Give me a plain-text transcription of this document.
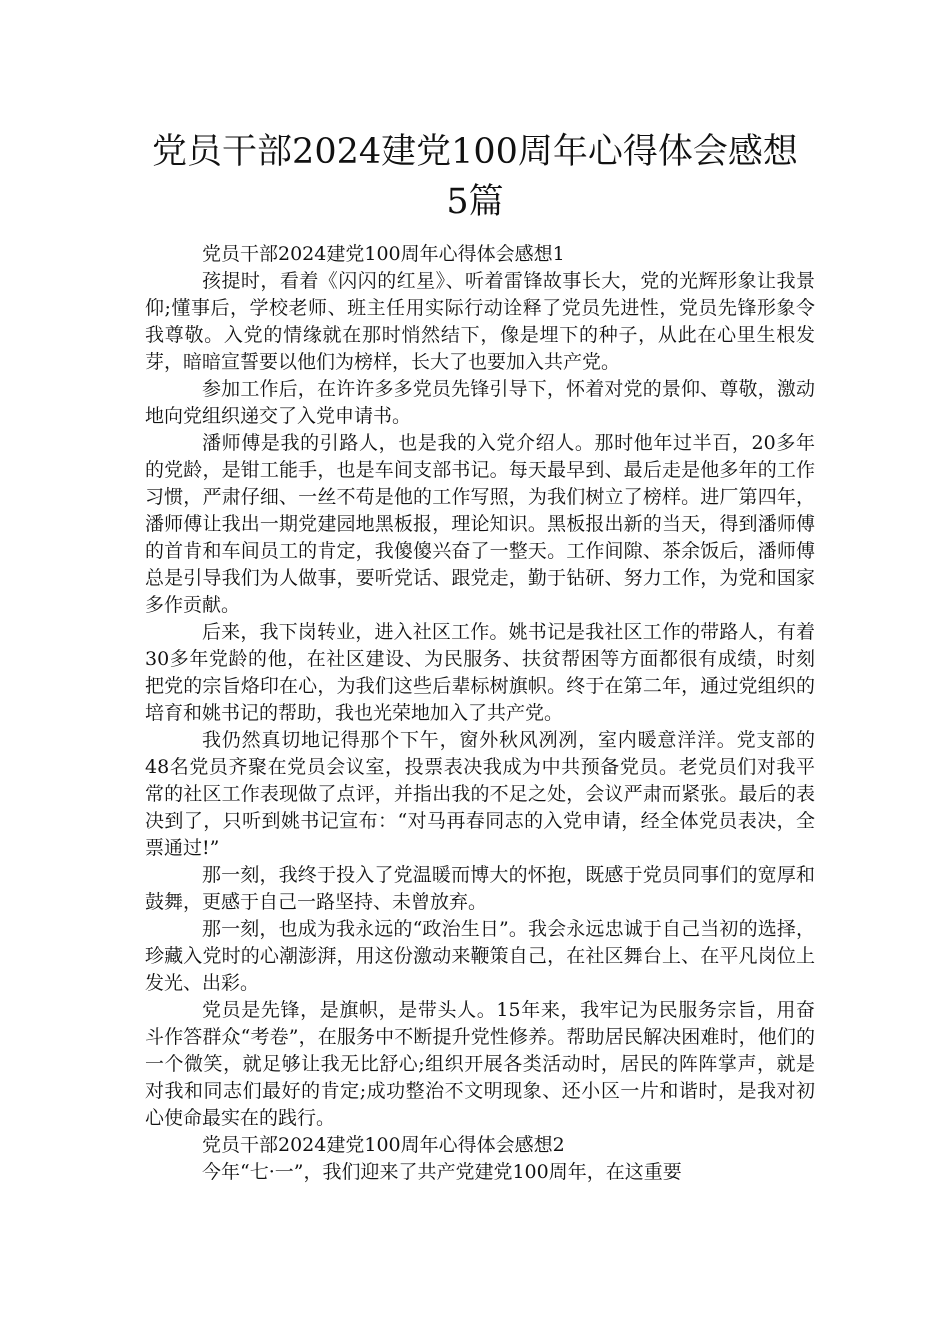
党员干部2024建党100周年心得体会感想
5篇

党员干部2024建党100周年心得体会感想1

孩提时，看着《闪闪的红星》、听着雷锋故事长大，党的光辉形象让我景仰;懂事后，学校老师、班主任用实际行动诠释了党员先进性，党员先锋形象令我尊敬。入党的情缘就在那时悄然结下，像是埋下的种子，从此在心里生根发芽，暗暗宣誓要以他们为榜样，长大了也要加入共产党。

参加工作后，在许许多多党员先锋引导下，怀着对党的景仰、尊敬，激动地向党组织递交了入党申请书。

潘师傅是我的引路人，也是我的入党介绍人。那时他年过半百，20多年的党龄，是钳工能手，也是车间支部书记。每天最早到、最后走是他多年的工作习惯，严肃仔细、一丝不苟是他的工作写照，为我们树立了榜样。进厂第四年，潘师傅让我出一期党建园地黑板报，理论知识。黑板报出新的当天，得到潘师傅的首肯和车间员工的肯定，我傻傻兴奋了一整天。工作间隙、茶余饭后，潘师傅总是引导我们为人做事，要听党话、跟党走，勤于钻研、努力工作，为党和国家多作贡献。

后来，我下岗转业，进入社区工作。姚书记是我社区工作的带路人，有着30多年党龄的他，在社区建设、为民服务、扶贫帮困等方面都很有成绩，时刻把党的宗旨烙印在心，为我们这些后辈标树旗帜。终于在第二年，通过党组织的培育和姚书记的帮助，我也光荣地加入了共产党。

我仍然真切地记得那个下午，窗外秋风冽冽，室内暖意洋洋。党支部的48名党员齐聚在党员会议室，投票表决我成为中共预备党员。老党员们对我平常的社区工作表现做了点评，并指出我的不足之处，会议严肃而紧张。最后的表决到了，只听到姚书记宣布：“对马再春同志的入党申请，经全体党员表决，全票通过!”

那一刻，我终于投入了党温暖而博大的怀抱，既感于党员同事们的宽厚和鼓舞，更感于自己一路坚持、未曾放弃。

那一刻，也成为我永远的“政治生日”。我会永远忠诚于自己当初的选择，珍藏入党时的心潮澎湃，用这份激动来鞭策自己，在社区舞台上、在平凡岗位上发光、出彩。

党员是先锋，是旗帜，是带头人。15年来，我牢记为民服务宗旨，用奋斗作答群众“考卷”，在服务中不断提升党性修养。帮助居民解决困难时，他们的一个微笑，就足够让我无比舒心;组织开展各类活动时，居民的阵阵掌声，就是对我和同志们最好的肯定;成功整治不文明现象、还小区一片和谐时，是我对初心使命最实在的践行。

党员干部2024建党100周年心得体会感想2

今年“七·一”，我们迎来了共产党建党100周年，在这重要
